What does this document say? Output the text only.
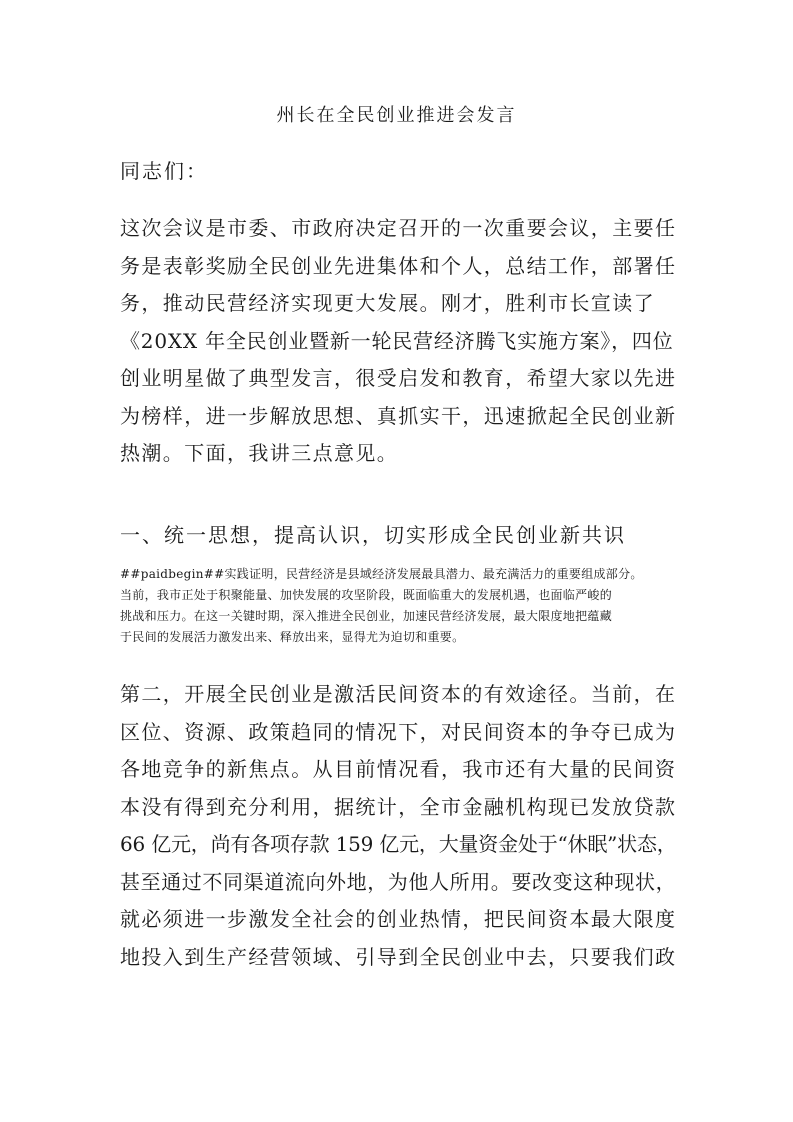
州长在全民创业推进会发言
同志们：
这次会议是市委、市政府决定召开的一次重要会议，主要任
务是表彰奖励全民创业先进集体和个人，总结工作，部署任
务，推动民营经济实现更大发展。刚才，胜利市长宣读了
《20XX 年全民创业暨新一轮民营经济腾飞实施方案》，四位
创业明星做了典型发言，很受启发和教育，希望大家以先进
为榜样，进一步解放思想、真抓实干，迅速掀起全民创业新
热潮。下面，我讲三点意见。
一、统一思想，提高认识，切实形成全民创业新共识
##paidbegin##实践证明，民营经济是县域经济发展最具潜力、最充满活力的重要组成部分。
当前，我市正处于积聚能量、加快发展的攻坚阶段，既面临重大的发展机遇，也面临严峻的
挑战和压力。在这一关键时期，深入推进全民创业，加速民营经济发展，最大限度地把蕴藏
于民间的发展活力激发出来、释放出来，显得尤为迫切和重要。
第二，开展全民创业是激活民间资本的有效途径。当前，在
区位、资源、政策趋同的情况下，对民间资本的争夺已成为
各地竞争的新焦点。从目前情况看，我市还有大量的民间资
本没有得到充分利用，据统计，全市金融机构现已发放贷款
66 亿元，尚有各项存款 159 亿元，大量资金处于“休眠”状态，
甚至通过不同渠道流向外地，为他人所用。要改变这种现状，
就必须进一步激发全社会的创业热情，把民间资本最大限度
地投入到生产经营领域、引导到全民创业中去，只要我们政
